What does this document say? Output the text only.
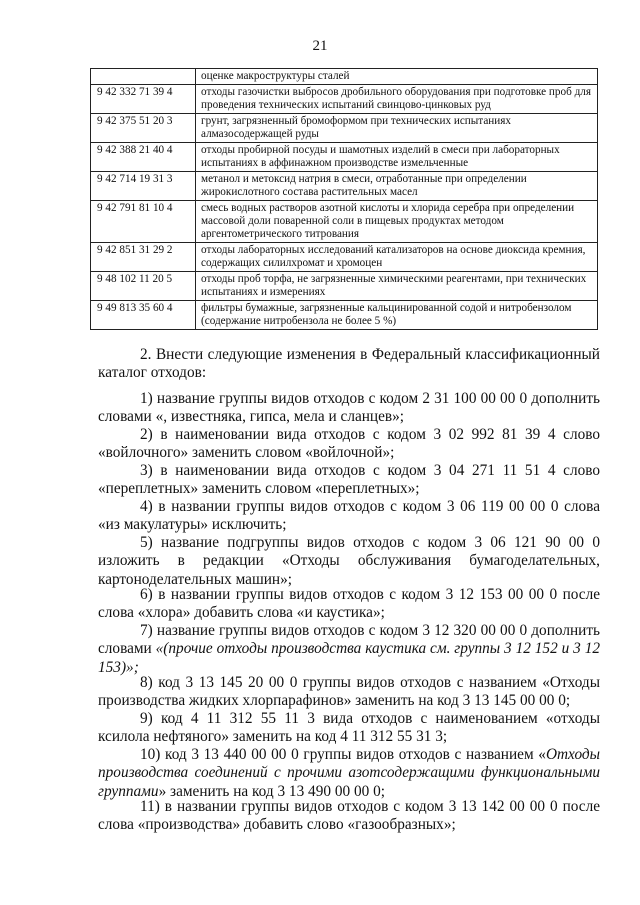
21
	оценке макроструктуры сталей
9 42 332 71 39 4	отходы газочистки выбросов дробильного оборудования при подготовке проб для проведения технических испытаний свинцово-цинковых руд
9 42 375 51 20 3	грунт, загрязненный бромоформом при технических испытаниях алмазосодержащей руды
9 42 388 21 40 4	отходы пробирной посуды и шамотных изделий в смеси при лабораторных испытаниях в аффинажном производстве измельченные
9 42 714 19 31 3	метанол и метоксид натрия в смеси, отработанные при определении жирокислотного состава растительных масел
9 42 791 81 10 4	смесь водных растворов азотной кислоты и хлорида серебра при определении массовой доли поваренной соли в пищевых продуктах методом аргентометрического титрования
9 42 851 31 29 2	отходы лабораторных исследований катализаторов на основе диоксида кремния, содержащих силилхромат и хромоцен
9 48 102 11 20 5	отходы проб торфа, не загрязненные химическими реагентами, при технических испытаниях и измерениях
9 49 813 35 60 4	фильтры бумажные, загрязненные кальцинированной содой и нитробензолом (содержание нитробензола не более 5 %)
2. Внести следующие изменения в Федеральный классификационный каталог отходов:
1) название группы видов отходов с кодом 2 31 100 00 00 0 дополнить словами «, известняка, гипса, мела и сланцев»;
2) в наименовании вида отходов с кодом 3 02 992 81 39 4 слово «войлочного» заменить словом «войлочной»;
3) в наименовании вида отходов с кодом 3 04 271 11 51 4 слово «переплетных» заменить словом «переплетных»;
4) в названии группы видов отходов с кодом 3 06 119 00 00 0 слова «из макулатуры» исключить;
5) название подгруппы видов отходов с кодом 3 06 121 90 00 0 изложить в редакции «Отходы обслуживания бумагоделательных, картоноделательных машин»;
6) в названии группы видов отходов с кодом 3 12 153 00 00 0 после слова «хлора» добавить слова «и каустика»;
7) название группы видов отходов с кодом 3 12 320 00 00 0 дополнить словами «(прочие отходы производства каустика см. группы 3 12 152 и 3 12 153)»;
8) код 3 13 145 20 00 0 группы видов отходов с названием «Отходы производства жидких хлорпарафинов» заменить на код 3 13 145 00 00 0;
9) код 4 11 312 55 11 3 вида отходов с наименованием «отходы ксилола нефтяного» заменить на код 4 11 312 55 31 3;
10) код 3 13 440 00 00 0 группы видов отходов с названием «Отходы производства соединений с прочими азотсодержащими функциональными группами» заменить на код 3 13 490 00 00 0;
11) в названии группы видов отходов с кодом 3 13 142 00 00 0 после слова «производства» добавить слово «газообразных»;
